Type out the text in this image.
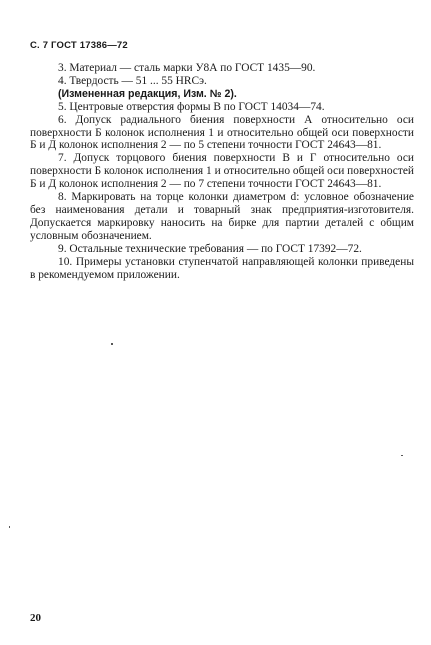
С. 7 ГОСТ 17386—72

3. Материал — сталь марки У8А по ГОСТ 1435—90.

4. Твердость — 51 ... 55 HRCэ.

(Измененная редакция, Изм. № 2).

5. Центровые отверстия формы В по ГОСТ 14034—74.

6. Допуск радиального биения поверхности А относительно оси поверхности Б колонок исполнения 1 и относительно общей оси поверхности Б и Д колонок исполнения 2 — по 5 степени точности ГОСТ 24643—81.

7. Допуск торцового биения поверхности В и Г относительно оси поверхности Б колонок исполнения 1 и относительно общей оси поверхностей Б и Д колонок исполнения 2 — по 7 степени точности ГОСТ 24643—81.

8. Маркировать на торце колонки диаметром d: условное обозначение без наименования детали и товарный знак предприятия-изготовителя. Допускается маркировку наносить на бирке для партии деталей с общим условным обозначением.

9. Остальные технические требования — по ГОСТ 17392—72.

10. Примеры установки ступенчатой направляющей колонки приведены в рекомендуемом приложении.

20
